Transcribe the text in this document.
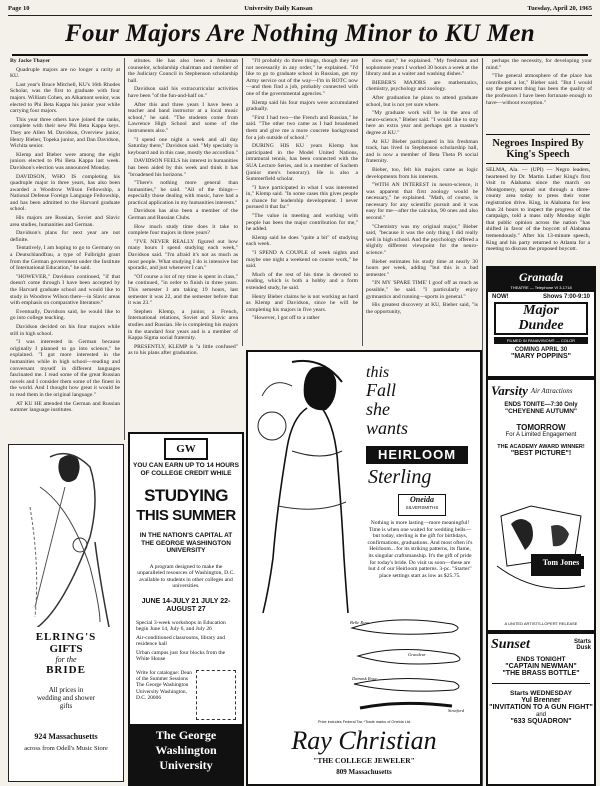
Page 10	University Daily Kansan	Tuesday, April 20, 1965
Four Majors Are Nothing Minor to KU Men

By Jacke Thayer

Quadruple majors are no longer a rarity at KU.

Last year's Bruce Mitchell, KU's 16th Rhodes Scholar, was the first to graduate with four majors. William Cohen, an Alkamont senior, was elected to Phi Beta Kappa his junior year while carrying four majors.

This year three others have joined the ranks, complete with their new Phi Beta Kappa keys. They are Allen M. Davidson, Overview junior, Henry Bieber, Topeka junior, and Dan Davidson, Wichita senior.

Klemp and Bieber were among the eight juniors elected to Phi Beta Kappa last week. Davidson's election was announced Monday.

DAVIDSON, WHO IS completing his quadruple major in three years, has also been awarded a Woodrow Wilson Fellowship, a National Defense Foreign Language Fellowship, and has been admitted to the Harvard graduate school.

His majors are Russian, Soviet and Slavic area studies, humanities and German.

Davidson's plans for next year are not definite.

Tentatively, I am hoping to go to Germany on a Deutschlandfrau, a type of Fulbright grant from the German government under the Institute of International Education," he said.

"HOWEVER," Davidson continued, "if that doesn't come through I have been accepted by the Harvard graduate school and would like to study in Woodrow Wilson there—in Slavic areas with emphasis on comparative literature."

Eventually, Davidson said, he would like to go into college teaching.

Davidson decided on his four majors while still in high school.

"I was interested in German because originally I planned to go into science," he explained. "I got more interested in the humanities while in high school—reading and conversant myself in different languages fascinated me. I read some of the great Russian novels and I consider them some of the finest in the world. And I thought how great it would be to read them in the original language."

AT KU HE attended the German and Russian summer language institutes.

stitutes. He has also been a freshman counselor, scholarship chairman and member of the Judiciary Council in Stephenson scholarship hall.

Davidson said his extracurricular activities have been "of the fun-and-half on."

After this and three years I have been a teacher and band instructor at a local music school," he said. "The students come from Lawrence High School and some of the instruments also."

"I spend one night a week and all day Saturday there," Davidson said. "My specialty is keyboard and in this case, mostly the accordion."

DAVIDSON FEELS his interest in humanities has been aided by this week and think it has "broadened his horizons."

"There's nothing more general than humanities," he said. "All of the things—especially those dealing with music, have had a practical application in my humanities interests."

Davidson has also been a member of the German and Russian Clubs.

How much study time does it take to complete four majors in three years?

"I'VE NEVER REALLY figured out how many hours I spend studying each week," Davidson said. "I'm afraid it's not as much as most people. What studying I do is intensive but sporadic, and just whenever I can."

"Of course a lot of my time is spent in class," he continued, "in order to finish in three years. This semester I am taking 19 hours, last semester it was 22, and the semester before that it was 23."

Stephen Klemp, a junior, a French, International relations, Soviet and Slavic area studies and Russian. He is completing his majors in the standard four years and is a member of Kappa Sigma social fraternity.

PRESENTLY, KLEMP is "a little confused" as to his plans after graduation.

"I'll probably do three things, though they are not necessarily in any order," he explained. "I'd like to go to graduate school in Russian, get my Army service out of the way—I'm in ROTC now—and then find a job, probably connected with one of the governmental agencies."

Klemp said his four majors were accumulated gradually.

"First I had two—the French and Russian," he said. "The other two came as I had broadened them and give me a more concrete background for a job outside of school."

DURING HIS KU years Klemp has participated in the Model United Nations, intramural tennis, has been connected with the SUA Lecture Series, and is a member of Sachem (junior men's honorary). He is also a Summerfield scholar.

"I have participated in what I was interested in," Klemp said. "In some cases this gives people a chance for leadership development. I never pursued it that far."

"The value in meeting and working with people has been the major contribution for me," he added.

Klemp said he does "quite a bit" of studying each week.

"I SPEND A COUPLE of week nights and maybe one night a weekend on course work," he said.

Much of the rest of his time is devoted to reading, which is both a hobby and a form extended study, he said.

Henry Bieber claims he is not working as hard as Klemp and Davidson, since he will be completing his majors in five years.

"However, I got off to a rather

slow start," he explained. "My freshman and sophomore years I worked 30 hours a week at the library and as a waiter and washing dishes."

BIEBER'S MAJORS are mathematics, chemistry, psychology and zoology.

After graduation he plans to attend graduate school, but is not yet sure where.

"My graduate work will be in the area of neuro-science," Bieber said. "I would like to stay here an extra year and perhaps get a master's degree at KU."

At KU Bieber participated in his freshman track, has lived in Stephenson scholarship hall, and is now a member of Beta Theta Pi social fraternity.

Bieber, too, felt his majors came as logic developments from his interests.

"WITH AN INTEREST in neuro-science, it was apparent that first zoology would be necessary," he explained. "Math, of course, is necessary for any scientific pursuit and it was easy for me—after the calculus, 90 ones and also second."

"Chemistry was my original major," Bieber said, "because it was the only thing I did really well in high school. And the psychology offered a slightly different viewpoint for the neuro-science."

Bieber estimates his study time at nearly 30 hours per week, adding "but this is a bad semester."

"IN MY 'SPARE TIME' I goof off as much as possible," he said. "I particularly enjoy gymnastics and running—sports in general."

His greatest discovery at KU, Bieber said, "is the opportunity,

perhaps the necessity, for developing your mind."

"The general atmosphere of the place has contributed a lot," Bieber said. "But I would say the greatest thing has been the quality of the professors I have been fortunate enough to have—without exception."

Negroes Inspired By King's Speech
SELMA, Ala. — (UPI) — Negro leaders, heartened by Dr. Martin Luther King's first visit to Alabama since the march on Montgomery, spread out through a three-county area today to press their voter registration drive. King, in Alabama for less than 24 hours to inspect the progress of the campaign, told a mass rally Monday night that public opinion across the nation "has shifted in favor of the boycott of Alabama tremendously." After his 13-minute speech, King and his party returned to Atlanta for a meeting to discuss the proposed boycott.
ELRING'S
GIFTS
for the
BRIDE
All prices in
wedding and shower
gifts
924 Massachusetts
across from Odell's Music Store
GW
YOU CAN EARN UP TO 14 HOURS OF COLLEGE CREDIT WHILE
STUDYING
THIS SUMMER
IN THE NATION'S CAPITAL AT THE GEORGE WASHINGTON UNIVERSITY
A program designed to make the unparalleled resources of Washington, D.C. available to students in other colleges and universities.
JUNE 14-JULY 21 JULY 22-AUGUST 27
Special 3-week workshops in Education begin June 14, July 6, and July 26
Air-conditioned classrooms, library and residence hall
Urban campus just four blocks from the White House
Write for catalogue: Dean of the Summer Sessions The George Washington University Washington, D.C. 20006
The George
Washington
University
this
Fall
she
wants
HEIRLOOM
Sterling
Oneida
SILVERSMITHS
Nothing is more lasting—more meaningful! Time is when one waited for wedding bells—but today, sterling is the gift for birthdays, confirmations, graduations. And most often it's Heirloom... for its striking patterns, its flame, its singular craftsmanship. It's the gift of pride for today's bride. Do visit us soon—these are but 4 of our Heirloom patterns. 3-pc. "Starter" place settings start as low as $25.75.
Belle Rose
Grandeur
Damask Rose
Stratford
Price includes Federal Tax *Trade marks of Oneida Ltd.
Ray Christian
"THE COLLEGE JEWELER"
809 Massachusetts
Granada
THEATRE — Telephone VI 3-1718
NOW!	Shows 7:00-9:10
Major
Dundee
FILMED IN PANAVISION® — COLOR
COMING APRIL 30
"MARY POPPINS"
Varsity Air Attractions
ENDS TONITE—7:30 Only
"CHEYENNE AUTUMN"
TOMORROW
For A Limited Engagement
THE ACADEMY AWARD WINNER!
"BEST PICTURE"!
Tom Jones
A UNITED ARTISTS-LOPERT RELEASE
Sunset	Starts
Dusk
ENDS TONIGHT
"CAPTAIN NEWMAN"
"THE BRASS BOTTLE"
Starts WEDNESDAY
Yul Brenner
"INVITATION TO A GUN FIGHT"
and
"633 SQUADRON"
